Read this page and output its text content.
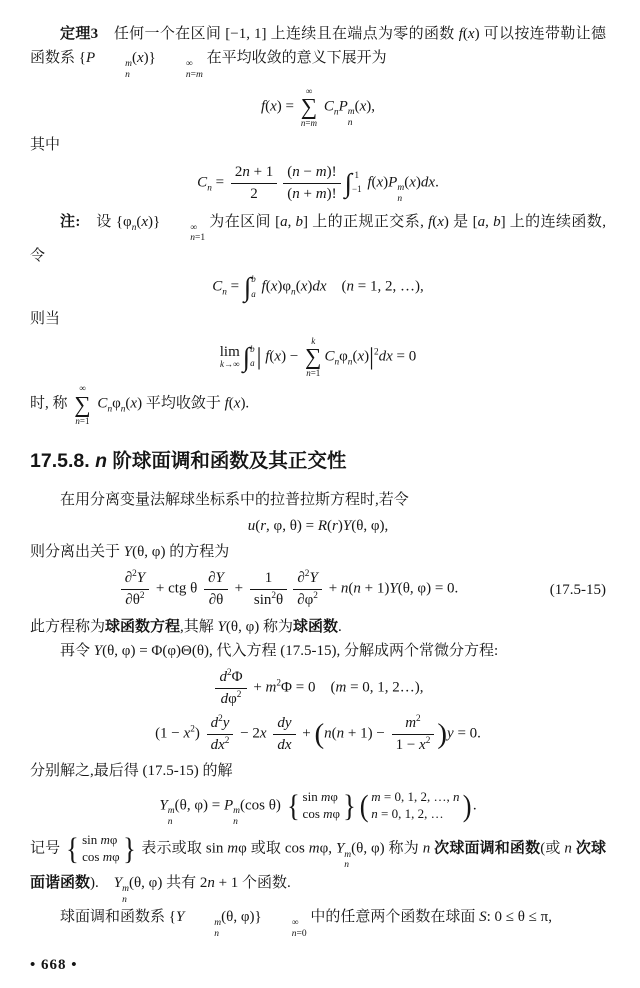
定理3　任何一个在区间 [−1, 1] 上连续且在端点为零的函数 f(x) 可以按连带勒让德函数系 {P	m
n
(x)}	∞
n=m
在平均收敛的意义下展开为

f(x) =
∞
∑
n=m
$C_nP$ m
n
(x),

其中

$C_n = \frac{2n + 1}{2} \frac{(n - m)!}{(n + m)!}$ ∫ 1
−1 f(x)P m
n
(x)dx.

注:　设 $\{\varphi_n(x)\}$	∞
n=1
为在区间 [a, b] 上的正规正交系, f(x) 是 [a, b] 上的连续函数,令

$C_n$ = ∫ b
a $f(x)\varphi_n(x)dx$　(n = 1, 2, …),

则当

lim
k→∞ ∫ b
a | f(x) −
k
∑
n=1
$C_n\varphi_n(x)|^2dx = 0$

时, 称
∞
∑
n=1
$C_n\varphi_n(x)$ 平均收敛于 f(x).

17.5.8. n 阶球面调和函数及其正交性

在用分离变量法解球坐标系中的拉普拉斯方程时,若令

u(r, φ, θ) = R(r)Y(θ, φ),

则分离出关于 Y(θ, φ) 的方程为

$\frac{\partial^2Y}{\partial\theta^2}$ + ctg θ $\frac{\partial Y}{\partial\theta} + \frac{1}{\sin^2\theta} \frac{\partial^2Y}{\partial\varphi^2} + n(n + 1)Y(\theta$, φ) = 0.	(17.5-15)

此方程称为球函数方程,其解 Y(θ, φ) 称为球函数.

再令 Y(θ, φ) = Φ(φ)Θ(θ), 代入方程 (17.5-15), 分解成两个常微分方程:

$\frac{d^2\Phi}{d\varphi^2} + m^2\Phi = 0$　(m = 0, 1, 2…),
$(1 - x^2) \frac{d^2y}{dx^2} - 2x \frac{dy}{dx} + (n(n + 1) - \frac{m^2}{1 - x^2} )y = 0$.

分别解之,最后得 (17.5-15) 的解

Y m
n
(θ, φ) = P m
n
(cos θ) { sin mφ
cos mφ } ( m = 0, 1, 2, …, n
n = 0, 1, 2, … ) .

记号 { sin mφ
cos mφ } 表示或取 sin mφ 或取 cos mφ, Y m
n
(θ, φ) 称为 n 次球面调和函数(或 n 次球面谐函数).　Y m
n
(θ, φ) 共有 2n + 1 个函数.

球面调和函数系 {Y	m
n
(θ, φ)}	∞
n=0
中的任意两个函数在球面 S: 0 ≤ θ ≤ π,

• 668 •
